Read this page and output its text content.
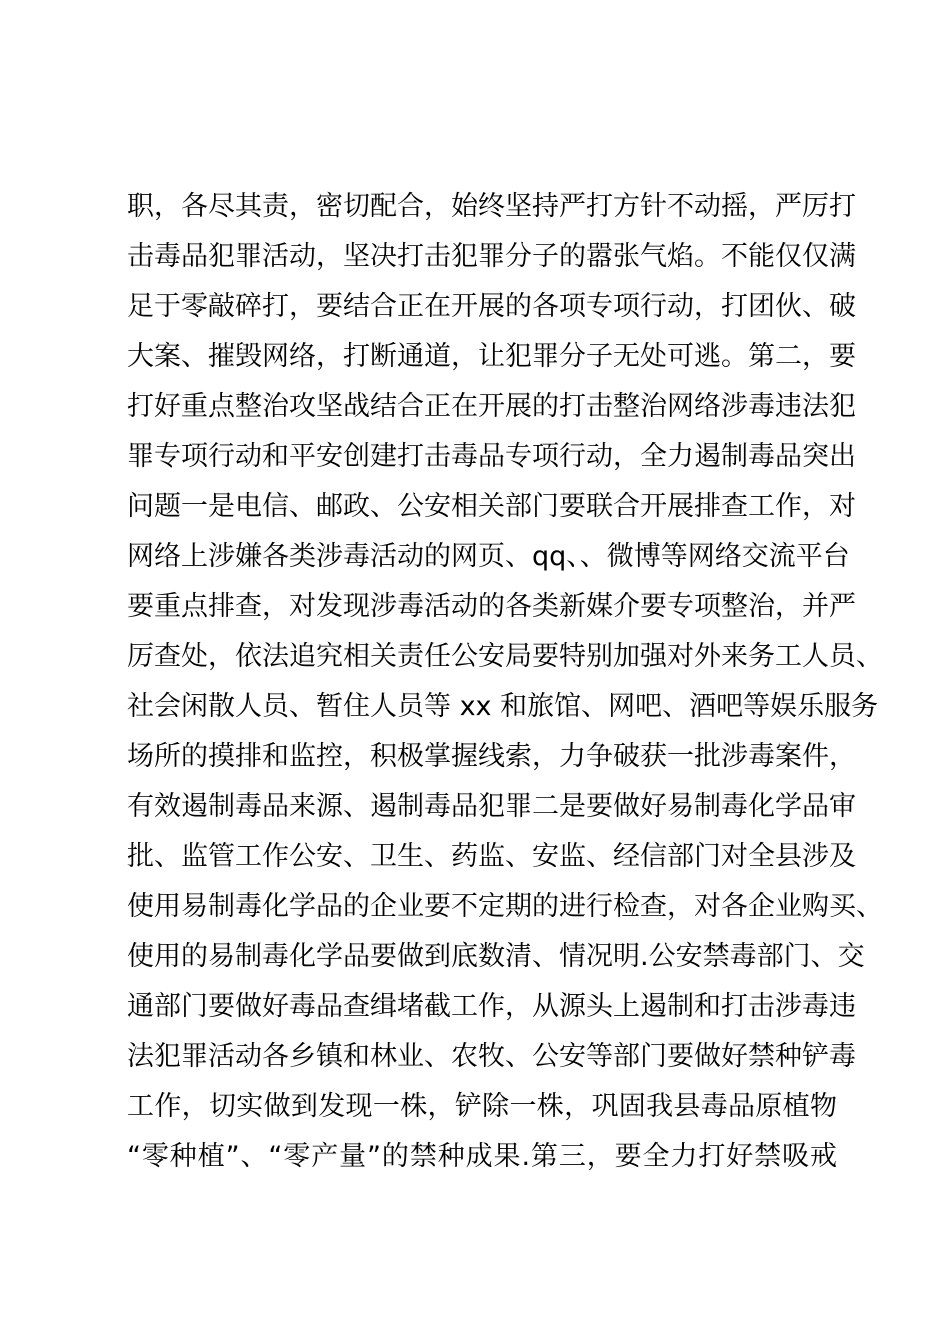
职，各尽其责，密切配合，始终坚持严打方针不动摇，严厉打
击毒品犯罪活动，坚决打击犯罪分子的嚣张气焰。不能仅仅满
足于零敲碎打，要结合正在开展的各项专项行动，打团伙、破
大案、摧毁网络，打断通道，让犯罪分子无处可逃。第二，要
打好重点整治攻坚战结合正在开展的打击整治网络涉毒违法犯
罪专项行动和平安创建打击毒品专项行动，全力遏制毒品突出
问题一是电信、邮政、公安相关部门要联合开展排查工作，对
网络上涉嫌各类涉毒活动的网页、qq、、微博等网络交流平台
要重点排查，对发现涉毒活动的各类新媒介要专项整治，并严
厉查处，依法追究相关责任公安局要特别加强对外来务工人员、
社会闲散人员、暂住人员等 xx 和旅馆、网吧、酒吧等娱乐服务
场所的摸排和监控，积极掌握线索，力争破获一批涉毒案件，
有效遏制毒品来源、遏制毒品犯罪二是要做好易制毒化学品审
批、监管工作公安、卫生、药监、安监、经信部门对全县涉及
使用易制毒化学品的企业要不定期的进行检查，对各企业购买、
使用的易制毒化学品要做到底数清、情况明.公安禁毒部门、交
通部门要做好毒品查缉堵截工作，从源头上遏制和打击涉毒违
法犯罪活动各乡镇和林业、农牧、公安等部门要做好禁种铲毒
工作，切实做到发现一株，铲除一株，巩固我县毒品原植物
“零种植”、“零产量”的禁种成果.第三，要全力打好禁吸戒
